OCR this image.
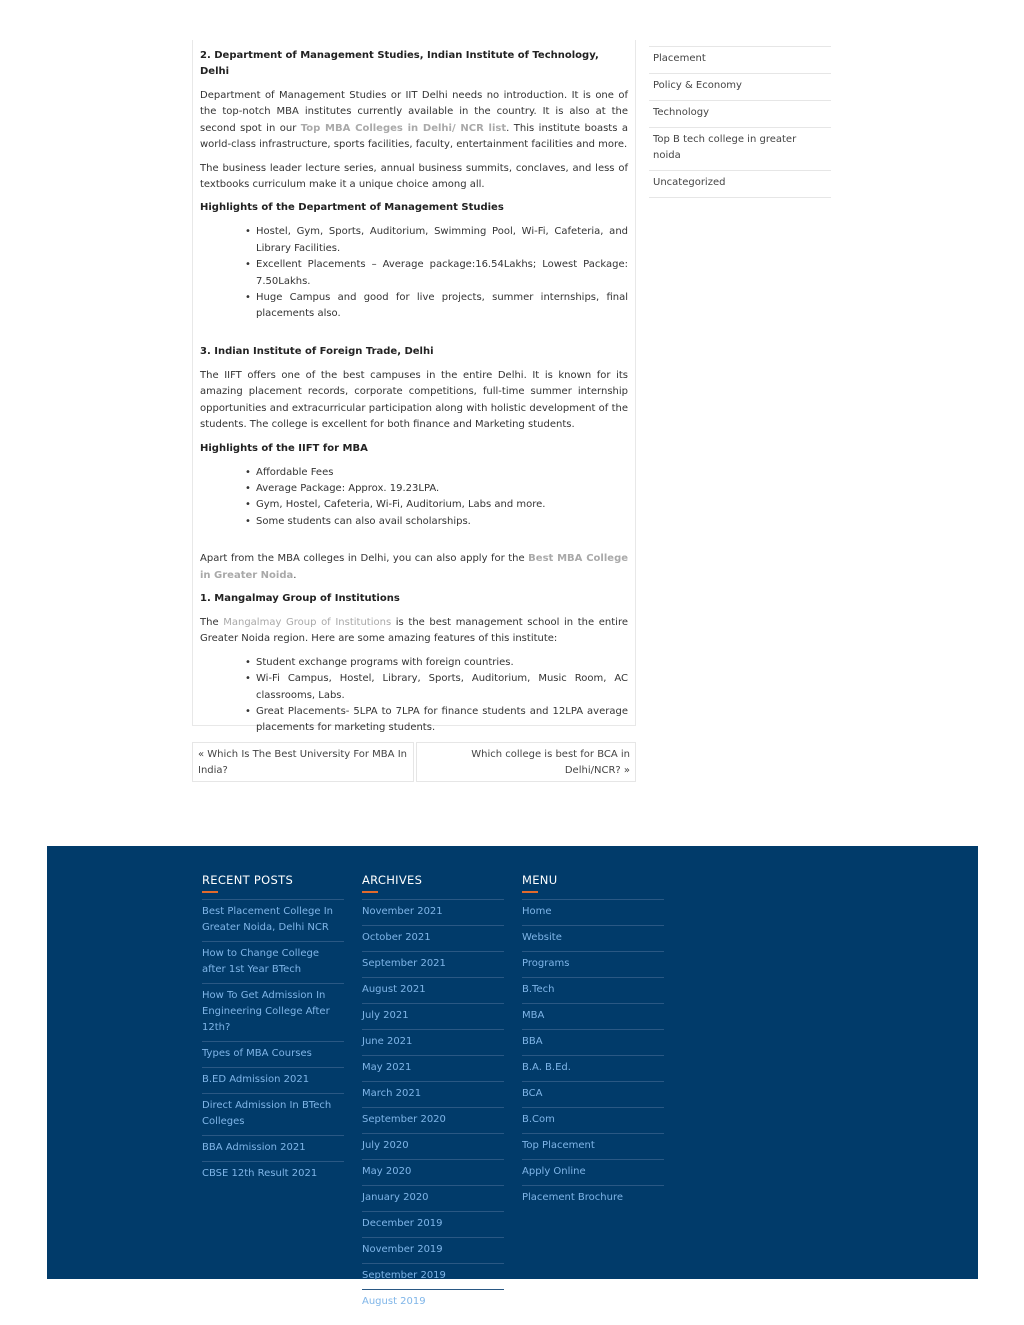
2. Department of Management Studies, Indian Institute of Technology, Delhi

Department of Management Studies or IIT Delhi needs no introduction. It is one of the top-notch MBA institutes currently available in the country. It is also at the second spot in our Top MBA Colleges in Delhi/ NCR list. This institute boasts a world-class infrastructure, sports facilities, faculty, entertainment facilities and more.

The business leader lecture series, annual business summits, conclaves, and less of textbooks curriculum make it a unique choice among all.

Highlights of the Department of Management Studies
• Hostel, Gym, Sports, Auditorium, Swimming Pool, Wi-Fi, Cafeteria, and Library Facilities.
• Excellent Placements – Average package:16.54Lakhs; Lowest Package: 7.50Lakhs.
• Huge Campus and good for live projects, summer internships, final placements also.
3. Indian Institute of Foreign Trade, Delhi

The IIFT offers one of the best campuses in the entire Delhi. It is known for its amazing placement records, corporate competitions, full-time summer internship opportunities and extracurricular participation along with holistic development of the students. The college is excellent for both finance and Marketing students.

Highlights of the IIFT for MBA
• Affordable Fees
• Average Package: Approx. 19.23LPA.
• Gym, Hostel, Cafeteria, Wi-Fi, Auditorium, Labs and more.
• Some students can also avail scholarships.

Apart from the MBA colleges in Delhi, you can also apply for the Best MBA College in Greater Noida.

1. Mangalmay Group of Institutions

The Mangalmay Group of Institutions is the best management school in the entire Greater Noida region. Here are some amazing features of this institute:

• Student exchange programs with foreign countries.
• Wi-Fi Campus, Hostel, Library, Sports, Auditorium, Music Room, AC classrooms, Labs.
• Great Placements- 5LPA to 7LPA for finance students and 12LPA average placements for marketing students.
Placement
Policy & Economy
Technology
Top B tech college in greater noida
Uncategorized
« Which Is The Best University For MBA In India?
Which college is best for BCA in Delhi/NCR? »
RECENT POSTS
Best Placement College In Greater Noida, Delhi NCR
How to Change College after 1st Year BTech
How To Get Admission In Engineering College After 12th?
Types of MBA Courses
B.ED Admission 2021
Direct Admission In BTech Colleges
BBA Admission 2021
CBSE 12th Result 2021
ARCHIVES
November 2021
October 2021
September 2021
August 2021
July 2021
June 2021
May 2021
March 2021
September 2020
July 2020
May 2020
January 2020
December 2019
November 2019
September 2019
August 2019
MENU
Home
Website
Programs
B.Tech
MBA
BBA
B.A. B.Ed.
BCA
B.Com
Top Placement
Apply Online
Placement Brochure
